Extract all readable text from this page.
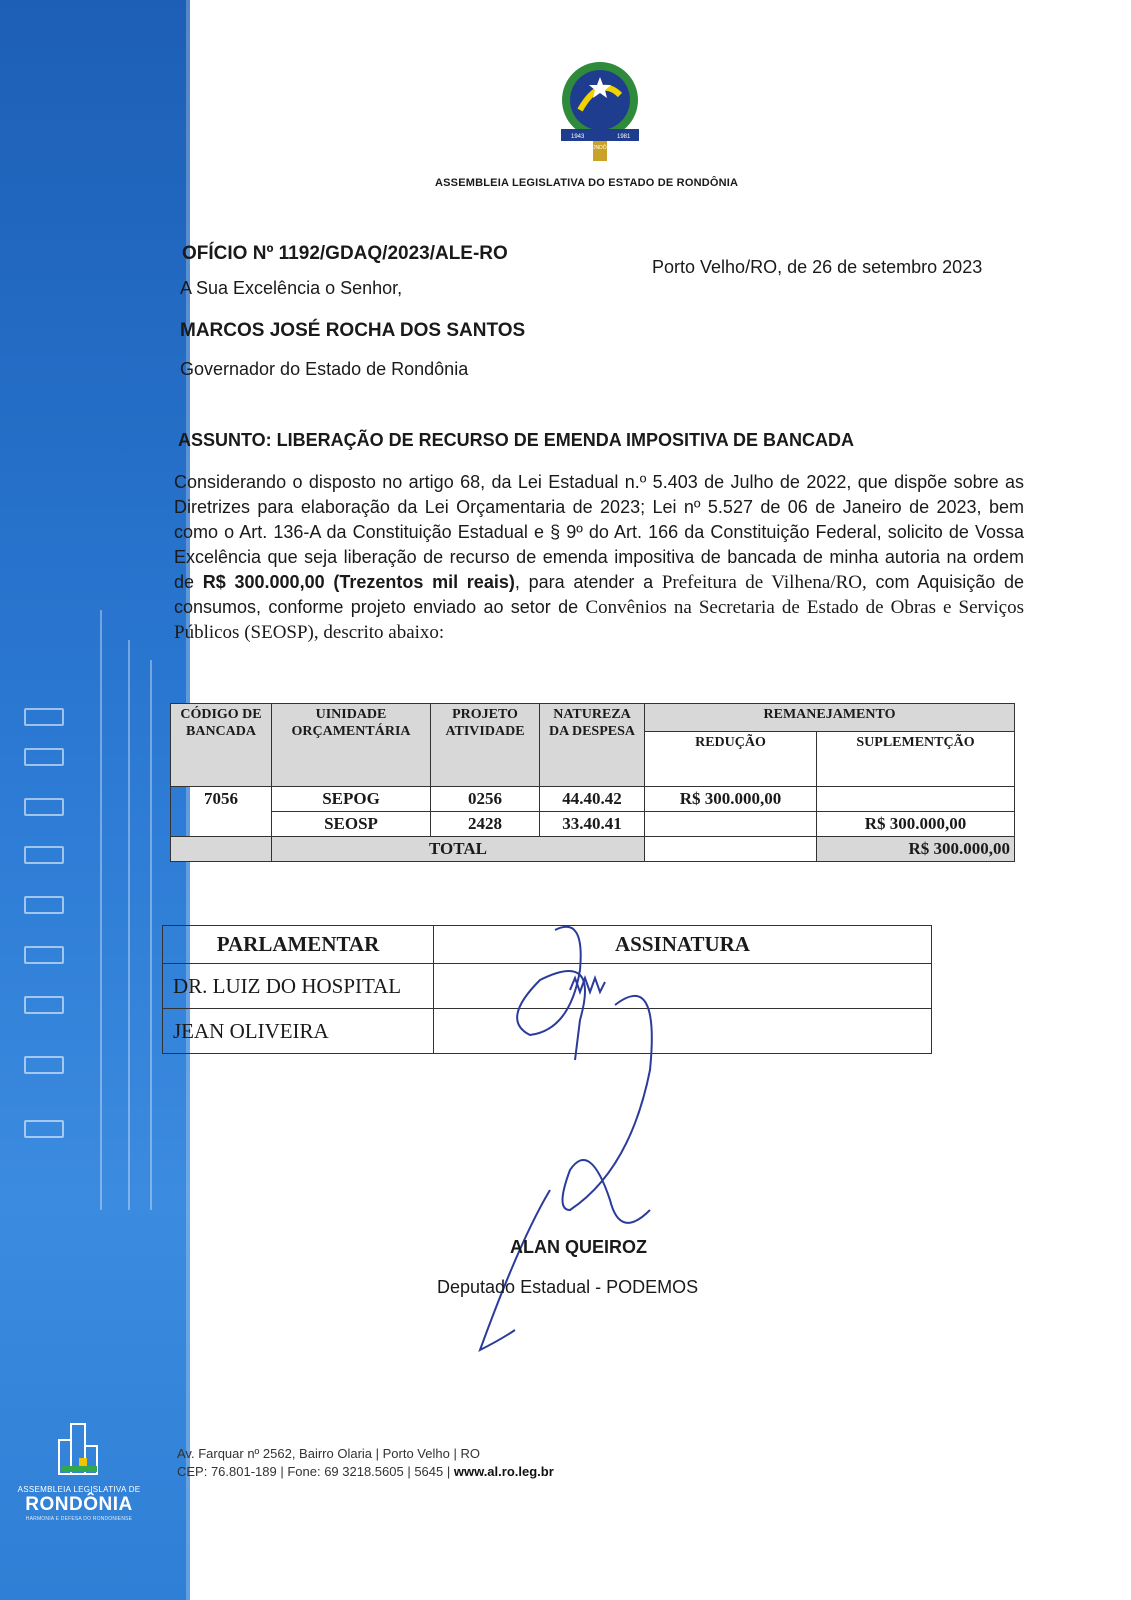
ASSEMBLEIA LEGISLATIVA DE
RONDÔNIA
HARMONIA E DEFESA DO RONDONIENSE
1943	1981
RONDÔNIA
ASSEMBLEIA LEGISLATIVA DO ESTADO DE RONDÔNIA
OFÍCIO Nº 1192/GDAQ/2023/ALE-RO
Porto Velho/RO, de 26 de setembro 2023
A Sua Excelência o Senhor,
MARCOS JOSÉ ROCHA DOS SANTOS
Governador do Estado de Rondônia
ASSUNTO: LIBERAÇÃO DE RECURSO DE EMENDA IMPOSITIVA DE BANCADA
Considerando o disposto no artigo 68, da Lei Estadual n.º 5.403 de Julho de 2022, que dispõe sobre as Diretrizes para elaboração da Lei Orçamentaria de 2023; Lei nº 5.527 de 06 de Janeiro de 2023, bem como o Art. 136-A da Constituição Estadual e § 9º do Art. 166 da Constituição Federal, solicito de Vossa Excelência que seja liberação de recurso de emenda impositiva de bancada de minha autoria na ordem de R$ 300.000,00 (Trezentos mil reais), para atender a Prefeitura de Vilhena/RO, com Aquisição de consumos, conforme projeto enviado ao setor de Convênios na Secretaria de Estado de Obras e Serviços Públicos (SEOSP), descrito abaixo:
CÓDIGO DE BANCADA	UINIDADE ORÇAMENTÁRIA	PROJETO ATIVIDADE	NATUREZA DA DESPESA	REMANEJAMENTO	
				REDUÇÃO	SUPLEMENTÇÃO
7056	SEPOG	0256	44.40.42	R$ 300.000,00	
	SEOSP	2428	33.40.41		R$ 300.000,00
	TOTAL				R$ 300.000,00
PARLAMENTAR	ASSINATURA
DR. LUIZ DO HOSPITAL	
JEAN OLIVEIRA	
ALAN QUEIROZ
Deputado Estadual - PODEMOS
Av. Farquar nº 2562, Bairro Olaria | Porto Velho | RO
CEP: 76.801-189 | Fone: 69 3218.5605 | 5645 | www.al.ro.leg.br
